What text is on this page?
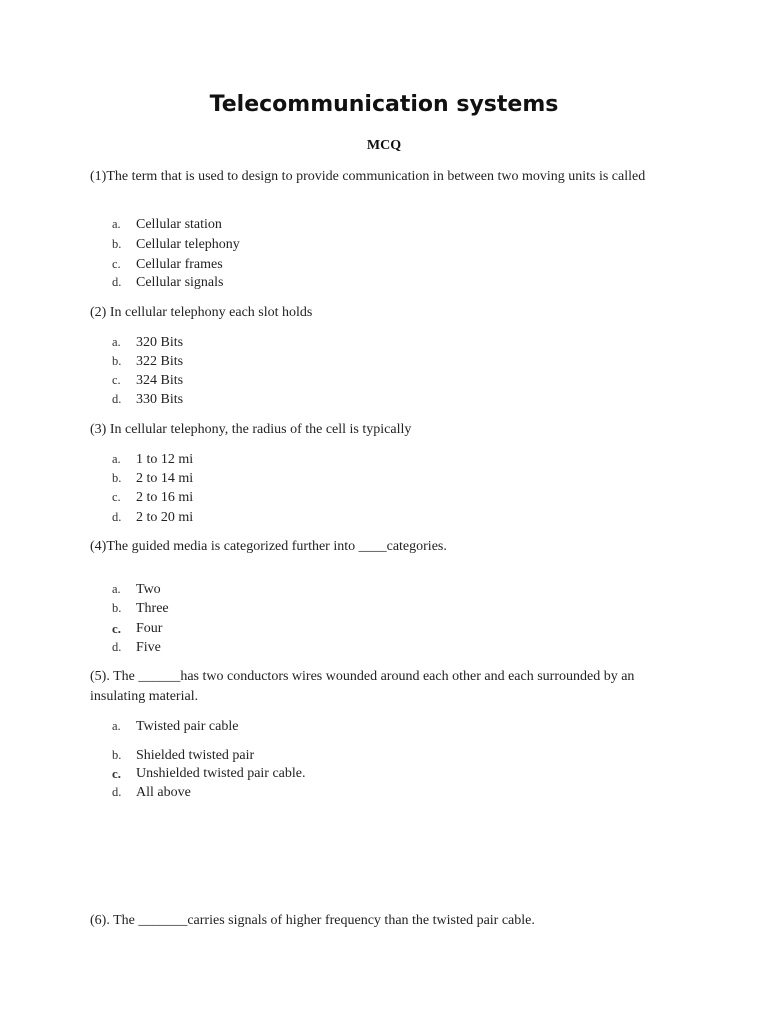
Telecommunication systems
MCQ
(1)The term that is used to design to provide communication in between two moving units is called
a.	Cellular station
b.	Cellular telephony
c.	Cellular frames
d.	Cellular signals
(2) In cellular telephony each slot holds
a.	320 Bits
b.	322 Bits
c.	324 Bits
d.	330 Bits
(3) In cellular telephony, the radius of the cell is typically
a.	1 to 12 mi
b.	2 to 14 mi
c.	2 to 16 mi
d.	2 to 20 mi
(4)The guided media is categorized further into ____categories.
a.	Two
b.	Three
c.	Four
d.	Five
(5). The ______has two conductors wires wounded around each other and each surrounded by an insulating material.
a.	Twisted pair cable
b.	Shielded twisted pair
c.	Unshielded twisted pair cable.
d.	All above
(6). The _______carries signals of higher frequency than the twisted pair cable.
